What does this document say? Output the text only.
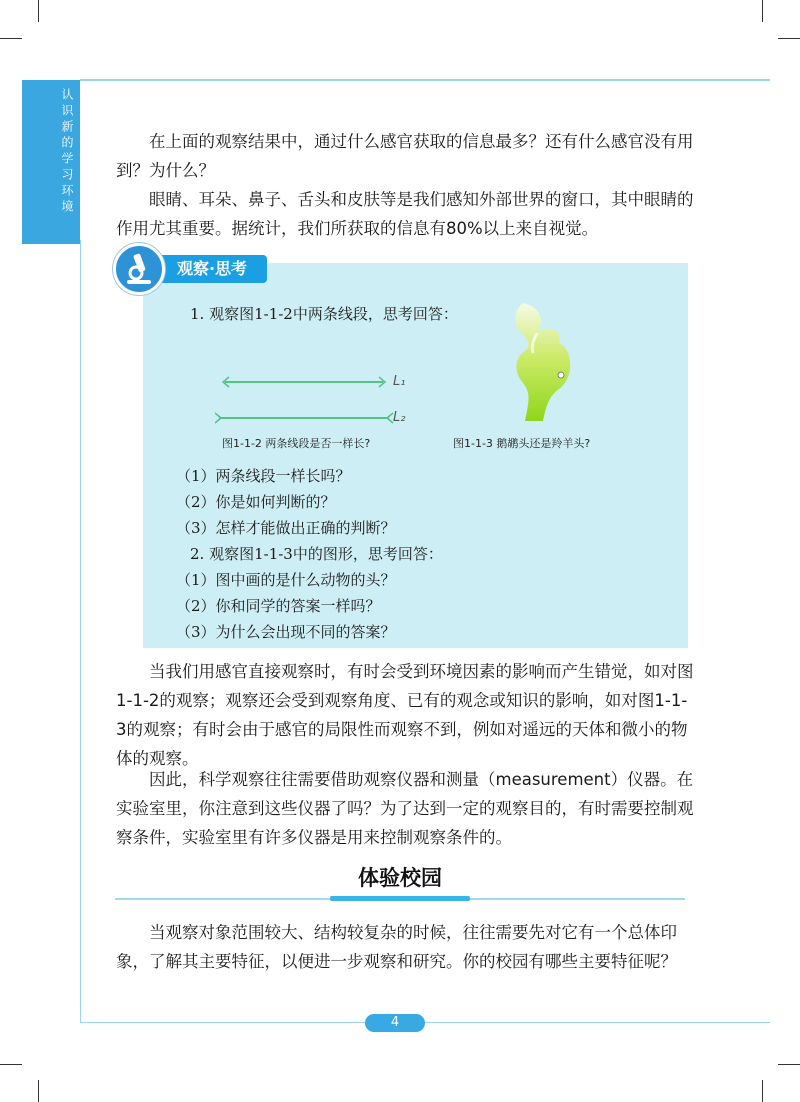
认识新的学习环境	在上面的观察结果中，通过什么感官获取的信息最多？还有什么感官没有用到？为什么？

眼睛、耳朵、鼻子、舌头和皮肤等是我们感知外部世界的窗口，其中眼睛的作用尤其重要。据统计，我们所获取的信息有80%以上来自视觉。

观察·思考
1. 观察图1-1-2中两条线段，思考回答：
L₁
L₂
图1-1-2 两条线段是否一样长?	图1-1-3 鹅鹕头还是羚羊头?
（1）两条线段一样长吗？
（2）你是如何判断的？
（3）怎样才能做出正确的判断？
2. 观察图1-1-3中的图形，思考回答：
（1）图中画的是什么动物的头？
（2）你和同学的答案一样吗？
（3）为什么会出现不同的答案？

当我们用感官直接观察时，有时会受到环境因素的影响而产生错觉，如对图1-1-2的观察；观察还会受到观察角度、已有的观念或知识的影响，如对图1-1-3的观察；有时会由于感官的局限性而观察不到，例如对遥远的天体和微小的物体的观察。

因此，科学观察往往需要借助观察仪器和测量（measurement）仪器。在实验室里，你注意到这些仪器了吗？为了达到一定的观察目的，有时需要控制观察条件，实验室里有许多仪器是用来控制观察条件的。

体验校园

当观察对象范围较大、结构较复杂的时候，往往需要先对它有一个总体印象，了解其主要特征，以便进一步观察和研究。你的校园有哪些主要特征呢？

4
